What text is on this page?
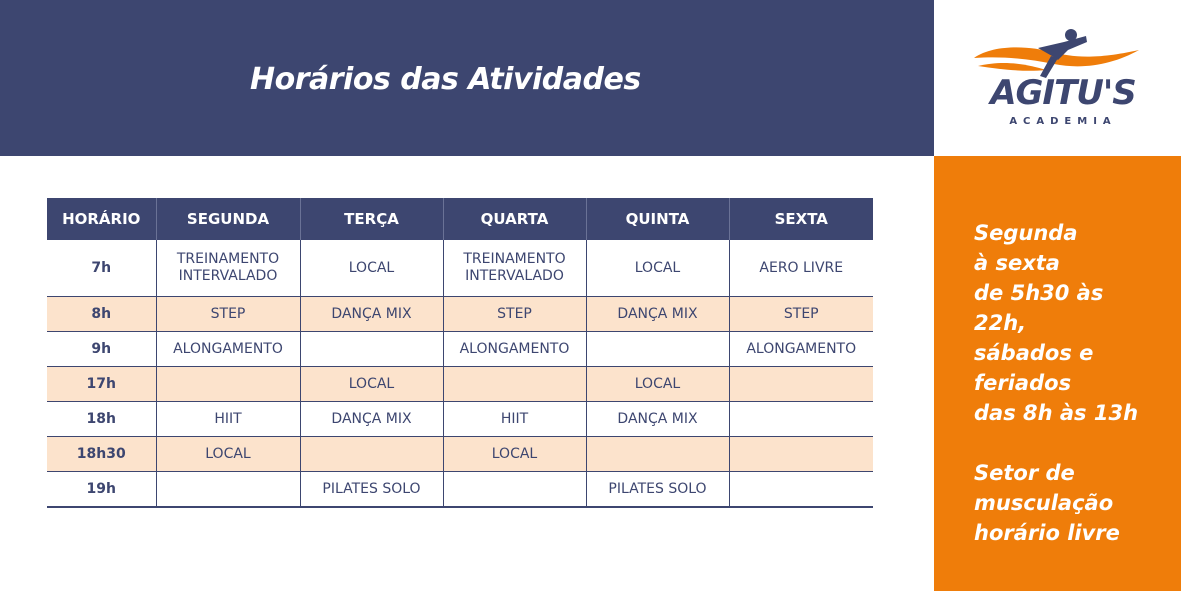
Horários das Atividades	AGITU'S

ACADEMIA

Segunda
à sexta
de 5h30 às
22h,
sábados e
feriados
das 8h às 13h
Setor de
musculação
horário livre
HORÁRIO	SEGUNDA	TERÇA	QUARTA	QUINTA	SEXTA
7h	TREINAMENTO INTERVALADO	LOCAL	TREINAMENTO INTERVALADO	LOCAL	AERO LIVRE
8h	STEP	DANÇA MIX	STEP	DANÇA MIX	STEP
9h	ALONGAMENTO		ALONGAMENTO		ALONGAMENTO
17h		LOCAL		LOCAL	
18h	HIIT	DANÇA MIX	HIIT	DANÇA MIX	
18h30	LOCAL		LOCAL		
19h		PILATES SOLO		PILATES SOLO	
